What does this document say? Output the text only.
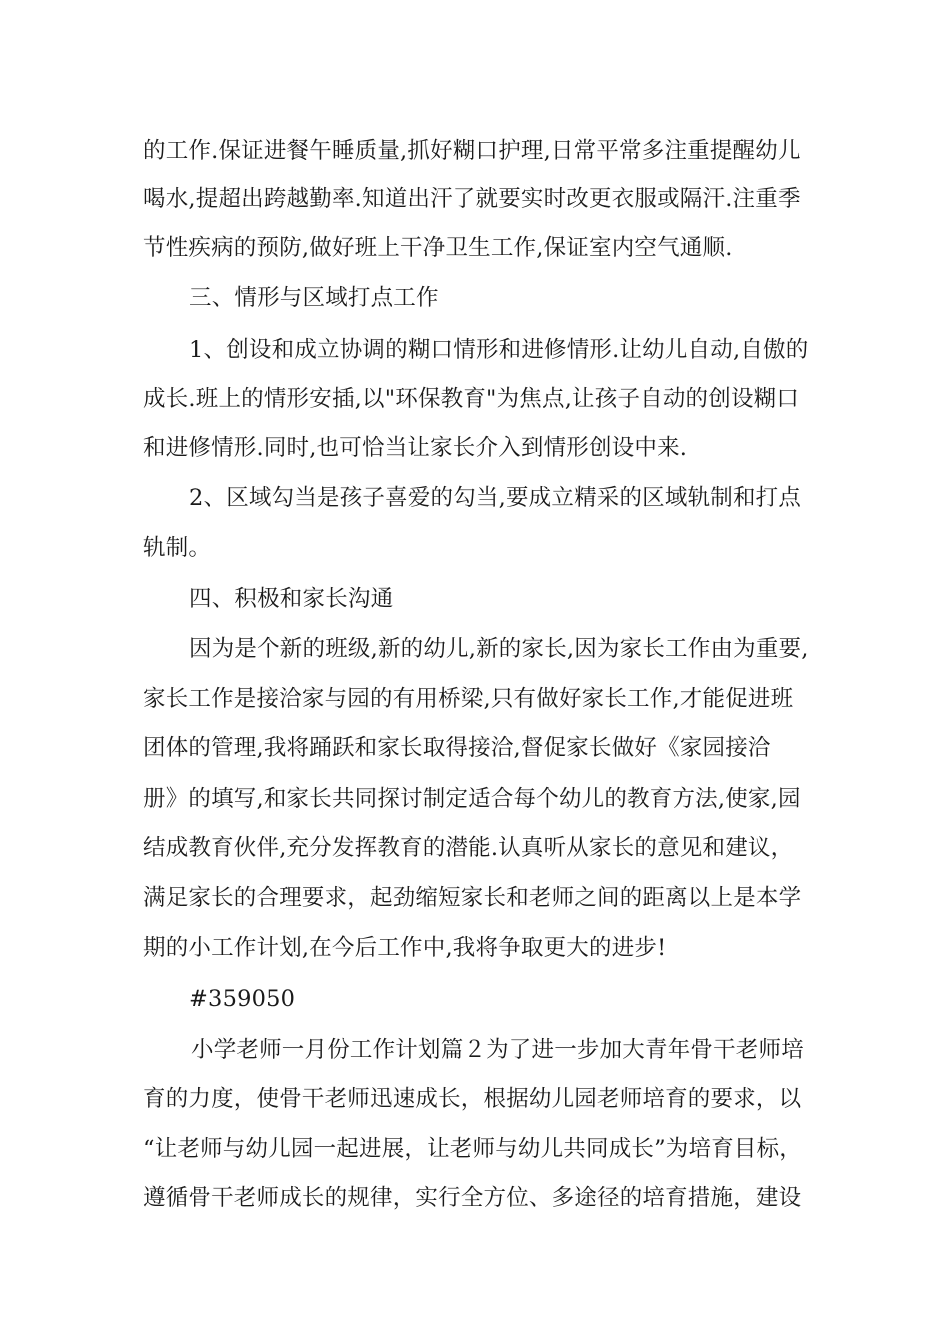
的工作.保证进餐午睡质量,抓好糊口护理,日常平常多注重提醒幼儿
喝水,提超出跨越勤率.知道出汗了就要实时改更衣服或隔汗.注重季
节性疾病的预防,做好班上干净卫生工作,保证室内空气通顺.
三、情形与区域打点工作
1、创设和成立协调的糊口情形和进修情形.让幼儿自动,自傲的
成长.班上的情形安插,以"环保教育"为焦点,让孩子自动的创设糊口
和进修情形.同时,也可恰当让家长介入到情形创设中来.
2、区域勾当是孩子喜爱的勾当,要成立精采的区域轨制和打点
轨制。
四、积极和家长沟通
因为是个新的班级,新的幼儿,新的家长,因为家长工作由为重要,
家长工作是接洽家与园的有用桥梁,只有做好家长工作,才能促进班
团体的管理,我将踊跃和家长取得接洽,督促家长做好《家园接洽
册》的填写,和家长共同探讨制定适合每个幼儿的教育方法,使家,园
结成教育伙伴,充分发挥教育的潜能.认真听从家长的意见和建议，
满足家长的合理要求，起劲缩短家长和老师之间的距离以上是本学
期的小工作计划,在今后工作中,我将争取更大的进步!
#359050
小学老师一月份工作计划篇２为了进一步加大青年骨干老师培
育的力度，使骨干老师迅速成长，根据幼儿园老师培育的要求，以
“让老师与幼儿园一起进展，让老师与幼儿共同成长”为培育目标，
遵循骨干老师成长的规律，实行全方位、多途径的培育措施，建设
